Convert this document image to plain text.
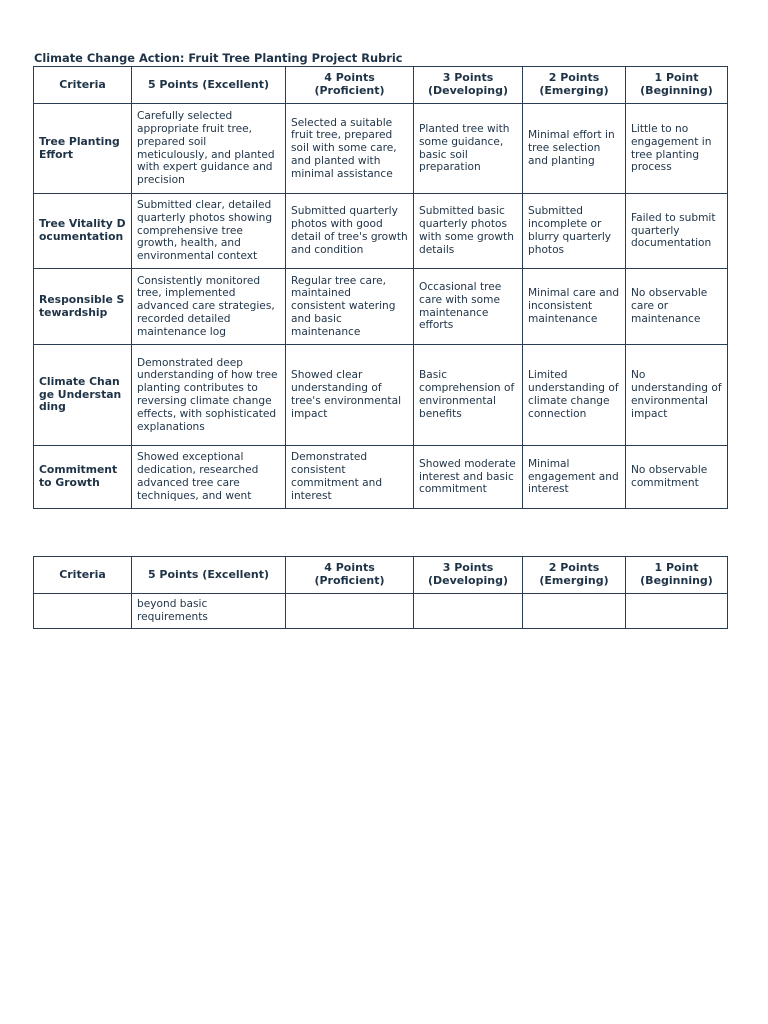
Climate Change Action: Fruit Tree Planting Project Rubric
Criteria	5 Points (Excellent)	4 Points (Proficient)	3 Points (Developing)	2 Points (Emerging)	1 Point (Beginning)
Tree Planting Effort	Carefully selected appropriate fruit tree, prepared soil meticulously, and planted with expert guidance and precision	Selected a suitable fruit tree, prepared soil with some care, and planted with minimal assistance	Planted tree with some guidance, basic soil preparation	Minimal effort in tree selection and planting	Little to no engagement in tree planting process
Tree Vitality Documentation	Submitted clear, detailed quarterly photos showing comprehensive tree growth, health, and environmental context	Submitted quarterly photos with good detail of tree's growth and condition	Submitted basic quarterly photos with some growth details	Submitted incomplete or blurry quarterly photos	Failed to submit quarterly documentation
Responsible Stewardship	Consistently monitored tree, implemented advanced care strategies, recorded detailed maintenance log	Regular tree care, maintained consistent watering and basic maintenance	Occasional tree care with some maintenance efforts	Minimal care and inconsistent maintenance	No observable care or maintenance
Climate Change Understanding	Demonstrated deep understanding of how tree planting contributes to reversing climate change effects, with sophisticated explanations	Showed clear understanding of tree's environmental impact	Basic comprehension of environmental benefits	Limited understanding of climate change connection	No understanding of environmental impact
Commitment to Growth	Showed exceptional dedication, researched advanced tree care techniques, and went	Demonstrated consistent commitment and interest	Showed moderate interest and basic commitment	Minimal engagement and interest	No observable commitment
Criteria	5 Points (Excellent)	4 Points (Proficient)	3 Points (Developing)	2 Points (Emerging)	1 Point (Beginning)
	beyond basic requirements				
